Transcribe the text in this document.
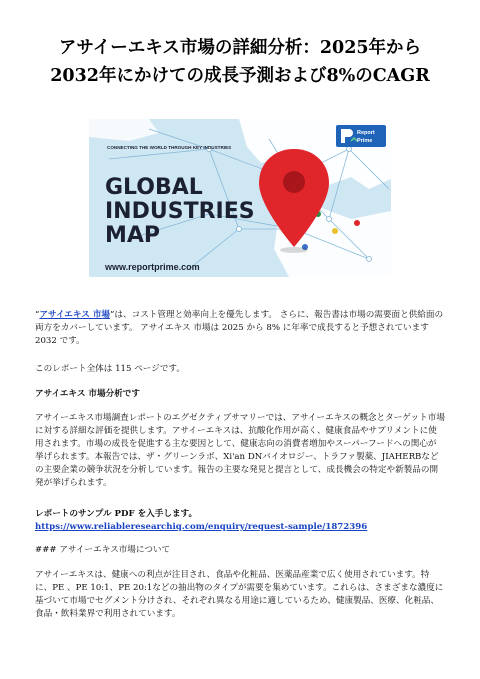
アサイーエキス市場の詳細分析：2025年から
2032年にかけての成長予測および8%のCAGR
CONNECTING THE WORLD THROUGH KEY INDUSTRIES
GLOBAL
INDUSTRIES
MAP
www.reportprime.com
Report
Prime
“アサイエキス 市場”は、コスト管理と効率向上を優先します。 さらに、報告書は市場の需要面と供給面の両方をカバーしています。 アサイエキス 市場は 2025 から 8% に年率で成長すると予想されています2032 です。
このレポート全体は 115 ページです。
アサイエキス 市場分析です
アサイーエキス市場調査レポートのエグゼクティブサマリーでは、アサイーエキスの概念とターゲット市場に対する詳細な評価を提供します。アサイーエキスは、抗酸化作用が高く、健康食品やサプリメントに使用されます。市場の成長を促進する主な要因として、健康志向の消費者増加やスーパーフードへの関心が挙げられます。本報告では、ザ・グリーンラボ、Xi'an DNバイオロジー、トラファ製薬、JIAHERBなどの主要企業の競争状況を分析しています。報告の主要な発見と提言として、成長機会の特定や新製品の開発が挙げられます。
レポートのサンプル PDF を入手します。 https://www.reliableresearchiq.com/enquiry/request-sample/1872396
### アサイーエキス市場について
アサイーエキスは、健康への利点が注目され、食品や化粧品、医薬品産業で広く使用されています。特に、PE 、PE 10:1、PE 20:1などの抽出物のタイプが需要を集めています。これらは、さまざまな濃度に基づいて市場でセグメント分けされ、それぞれ異なる用途に適しているため、健康製品、医療、化粧品、食品・飲料業界で利用されています。
